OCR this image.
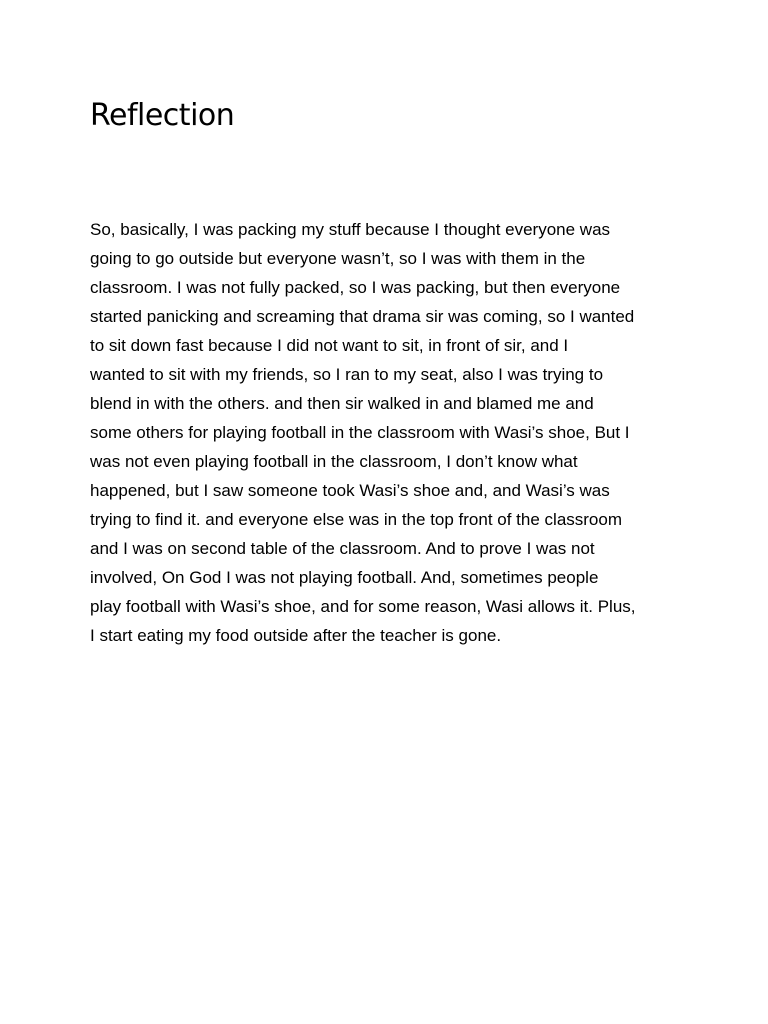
Reflection
So, basically, I was packing my stuff because I thought everyone was
going to go outside but everyone wasn’t, so I was with them in the
classroom. I was not fully packed, so I was packing, but then everyone
started panicking and screaming that drama sir was coming, so I wanted
to sit down fast because I did not want to sit, in front of sir, and I
wanted to sit with my friends, so I ran to my seat, also I was trying to
blend in with the others. and then sir walked in and blamed me and
some others for playing football in the classroom with Wasi’s shoe, But I
was not even playing football in the classroom, I don’t know what
happened, but I saw someone took Wasi’s shoe and, and Wasi’s was
trying to find it. and everyone else was in the top front of the classroom
and I was on second table of the classroom. And to prove I was not
involved, On God I was not playing football. And, sometimes people
play football with Wasi’s shoe, and for some reason, Wasi allows it. Plus,
I start eating my food outside after the teacher is gone.
